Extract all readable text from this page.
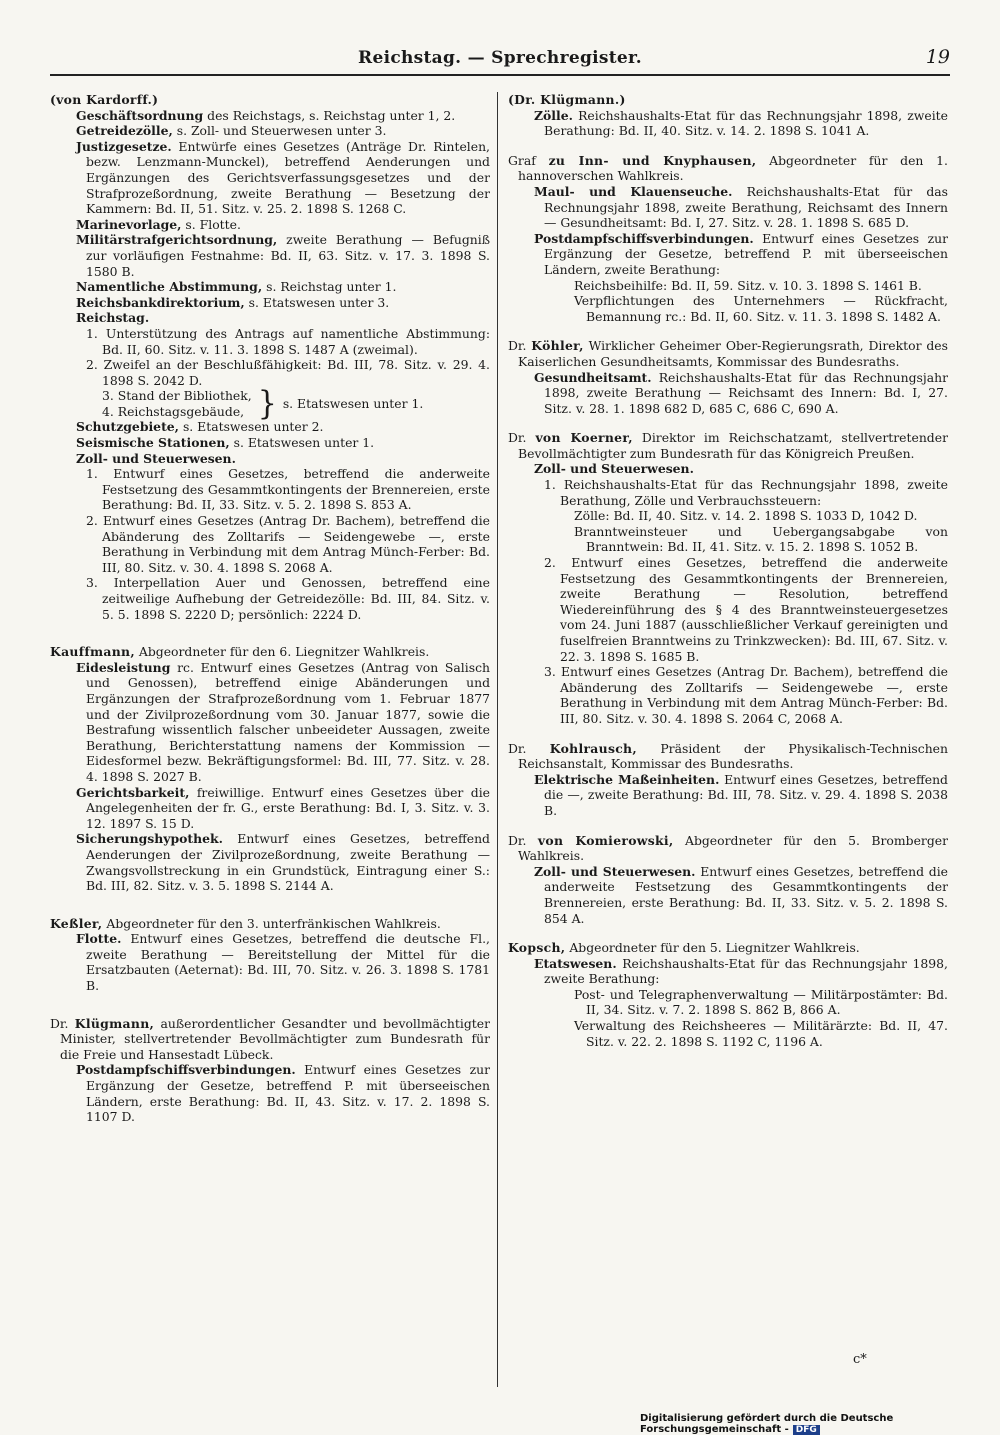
Reichstag. — Sprechregister.	19
(von Kardorff.)
Geschäftsordnung des Reichstags, s. Reichstag unter 1, 2.
Getreidezölle, s. Zoll- und Steuerwesen unter 3.
Justizgesetze. Entwürfe eines Gesetzes (Anträge Dr. Rintelen, bezw. Lenzmann-Munckel), betreffend Aenderungen und Ergänzungen des Gerichtsverfassungsgesetzes und der Strafprozeßordnung, zweite Berathung — Besetzung der Kammern: Bd. II, 51. Sitz. v. 25. 2. 1898 S. 1268 C.
Marinevorlage, s. Flotte.
Militärstrafgerichtsordnung, zweite Berathung — Befugniß zur vorläufigen Festnahme: Bd. II, 63. Sitz. v. 17. 3. 1898 S. 1580 B.
Namentliche Abstimmung, s. Reichstag unter 1.
Reichsbankdirektorium, s. Etatswesen unter 3.
Reichstag.
1. Unterstützung des Antrags auf namentliche Abstimmung: Bd. II, 60. Sitz. v. 11. 3. 1898 S. 1487 A (zweimal).
2. Zweifel an der Beschlußfähigkeit: Bd. III, 78. Sitz. v. 29. 4. 1898 S. 2042 D.
3. Stand der Bibliothek,
4. Reichstagsgebäude, } s. Etatswesen unter 1.
Schutzgebiete, s. Etatswesen unter 2.
Seismische Stationen, s. Etatswesen unter 1.
Zoll- und Steuerwesen.
1. Entwurf eines Gesetzes, betreffend die anderweite Festsetzung des Gesammtkontingents der Brennereien, erste Berathung: Bd. II, 33. Sitz. v. 5. 2. 1898 S. 853 A.
2. Entwurf eines Gesetzes (Antrag Dr. Bachem), betreffend die Abänderung des Zolltarifs — Seidengewebe —, erste Berathung in Verbindung mit dem Antrag Münch-Ferber: Bd. III, 80. Sitz. v. 30. 4. 1898 S. 2068 A.
3. Interpellation Auer und Genossen, betreffend eine zeitweilige Aufhebung der Getreidezölle: Bd. III, 84. Sitz. v. 5. 5. 1898 S. 2220 D; persönlich: 2224 D.
Kauffmann, Abgeordneter für den 6. Liegnitzer Wahlkreis.
Eidesleistung rc. Entwurf eines Gesetzes (Antrag von Salisch und Genossen), betreffend einige Abänderungen und Ergänzungen der Strafprozeßordnung vom 1. Februar 1877 und der Zivilprozeßordnung vom 30. Januar 1877, sowie die Bestrafung wissentlich falscher unbeeideter Aussagen, zweite Berathung, Berichterstattung namens der Kommission — Eidesformel bezw. Bekräftigungsformel: Bd. III, 77. Sitz. v. 28. 4. 1898 S. 2027 B.
Gerichtsbarkeit, freiwillige. Entwurf eines Gesetzes über die Angelegenheiten der fr. G., erste Berathung: Bd. I, 3. Sitz. v. 3. 12. 1897 S. 15 D.
Sicherungshypothek. Entwurf eines Gesetzes, betreffend Aenderungen der Zivilprozeßordnung, zweite Berathung — Zwangsvollstreckung in ein Grundstück, Eintragung einer S.: Bd. III, 82. Sitz. v. 3. 5. 1898 S. 2144 A.
Keßler, Abgeordneter für den 3. unterfränkischen Wahlkreis.
Flotte. Entwurf eines Gesetzes, betreffend die deutsche Fl., zweite Berathung — Bereitstellung der Mittel für die Ersatzbauten (Aeternat): Bd. III, 70. Sitz. v. 26. 3. 1898 S. 1781 B.
Dr. Klügmann, außerordentlicher Gesandter und bevollmächtigter Minister, stellvertretender Bevollmächtigter zum Bundesrath für die Freie und Hansestadt Lübeck.
Postdampfschiffsverbindungen. Entwurf eines Gesetzes zur Ergänzung der Gesetze, betreffend P. mit überseeischen Ländern, erste Berathung: Bd. II, 43. Sitz. v. 17. 2. 1898 S. 1107 D.
(Dr. Klügmann.)
Zölle. Reichshaushalts-Etat für das Rechnungsjahr 1898, zweite Berathung: Bd. II, 40. Sitz. v. 14. 2. 1898 S. 1041 A.
Graf zu Inn- und Knyphausen, Abgeordneter für den 1. hannoverschen Wahlkreis.
Maul- und Klauenseuche. Reichshaushalts-Etat für das Rechnungsjahr 1898, zweite Berathung, Reichsamt des Innern — Gesundheitsamt: Bd. I, 27. Sitz. v. 28. 1. 1898 S. 685 D.
Postdampfschiffsverbindungen. Entwurf eines Gesetzes zur Ergänzung der Gesetze, betreffend P. mit überseeischen Ländern, zweite Berathung:
Reichsbeihilfe: Bd. II, 59. Sitz. v. 10. 3. 1898 S. 1461 B.
Verpflichtungen des Unternehmers — Rückfracht, Bemannung rc.: Bd. II, 60. Sitz. v. 11. 3. 1898 S. 1482 A.
Dr. Köhler, Wirklicher Geheimer Ober-Regierungsrath, Direktor des Kaiserlichen Gesundheitsamts, Kommissar des Bundesraths.
Gesundheitsamt. Reichshaushalts-Etat für das Rechnungsjahr 1898, zweite Berathung — Reichsamt des Innern: Bd. I, 27. Sitz. v. 28. 1. 1898 682 D, 685 C, 686 C, 690 A.
Dr. von Koerner, Direktor im Reichschatzamt, stellvertretender Bevollmächtigter zum Bundesrath für das Königreich Preußen.
Zoll- und Steuerwesen.
1. Reichshaushalts-Etat für das Rechnungsjahr 1898, zweite Berathung, Zölle und Verbrauchssteuern:
Zölle: Bd. II, 40. Sitz. v. 14. 2. 1898 S. 1033 D, 1042 D.
Branntweinsteuer und Uebergangsabgabe von Branntwein: Bd. II, 41. Sitz. v. 15. 2. 1898 S. 1052 B.
2. Entwurf eines Gesetzes, betreffend die anderweite Festsetzung des Gesammtkontingents der Brennereien, zweite Berathung — Resolution, betreffend Wiedereinführung des § 4 des Branntweinsteuergesetzes vom 24. Juni 1887 (ausschließlicher Verkauf gereinigten und fuselfreien Branntweins zu Trinkzwecken): Bd. III, 67. Sitz. v. 22. 3. 1898 S. 1685 B.
3. Entwurf eines Gesetzes (Antrag Dr. Bachem), betreffend die Abänderung des Zolltarifs — Seidengewebe —, erste Berathung in Verbindung mit dem Antrag Münch-Ferber: Bd. III, 80. Sitz. v. 30. 4. 1898 S. 2064 C, 2068 A.
Dr. Kohlrausch, Präsident der Physikalisch-Technischen Reichsanstalt, Kommissar des Bundesraths.
Elektrische Maßeinheiten. Entwurf eines Gesetzes, betreffend die —, zweite Berathung: Bd. III, 78. Sitz. v. 29. 4. 1898 S. 2038 B.
Dr. von Komierowski, Abgeordneter für den 5. Bromberger Wahlkreis.
Zoll- und Steuerwesen. Entwurf eines Gesetzes, betreffend die anderweite Festsetzung des Gesammtkontingents der Brennereien, erste Berathung: Bd. II, 33. Sitz. v. 5. 2. 1898 S. 854 A.
Kopsch, Abgeordneter für den 5. Liegnitzer Wahlkreis.
Etatswesen. Reichshaushalts-Etat für das Rechnungsjahr 1898, zweite Berathung:
Post- und Telegraphenverwaltung — Militärpostämter: Bd. II, 34. Sitz. v. 7. 2. 1898 S. 862 B, 866 A.
Verwaltung des Reichsheeres — Militärärzte: Bd. II, 47. Sitz. v. 22. 2. 1898 S. 1192 C, 1196 A.
c*
Digitalisierung gefördert durch die Deutsche Forschungsgemeinschaft - DFG
